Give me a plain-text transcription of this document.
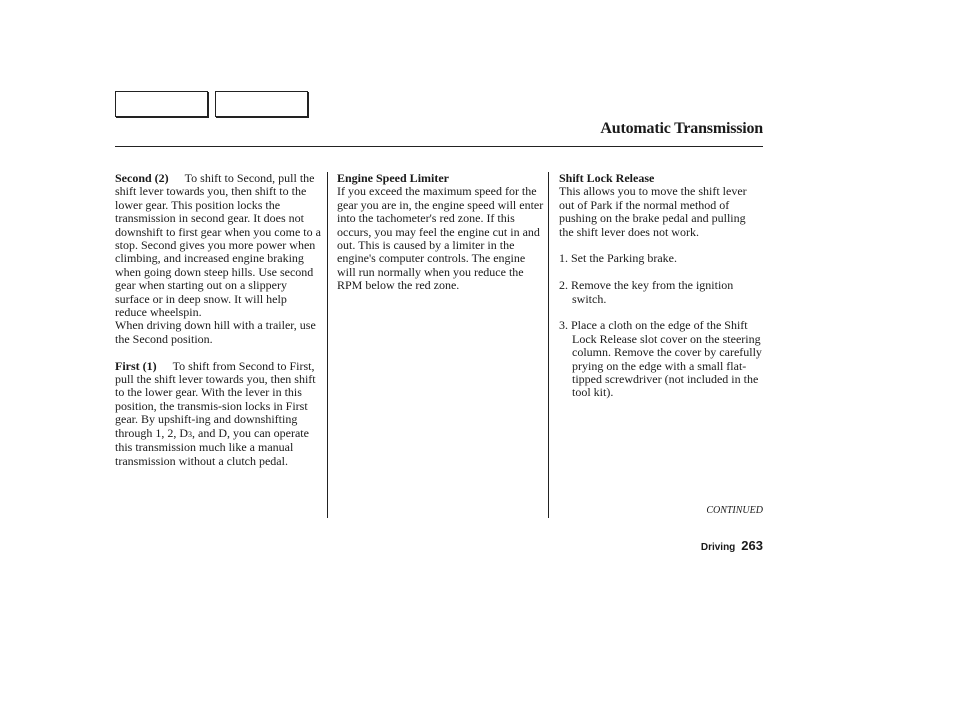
Automatic Transmission

Second (2) To shift to Second, pull the shift lever towards you, then shift to the lower gear. This position locks the transmission in second gear. It does not downshift to first gear when you come to a stop. Second gives you more power when climbing, and increased engine braking when going down steep hills. Use second gear when starting out on a slippery surface or in deep snow. It will help reduce wheelspin.

When driving down hill with a trailer, use the Second position.

First (1) To shift from Second to First, pull the shift lever towards you, then shift to the lower gear. With the lever in this position, the transmis-sion locks in First gear. By upshift-ing and downshifting through 1, 2, D3, and D, you can operate this transmission much like a manual transmission without a clutch pedal.

Engine Speed Limiter

If you exceed the maximum speed for the gear you are in, the engine speed will enter into the tachometer's red zone. If this occurs, you may feel the engine cut in and out. This is caused by a limiter in the engine's computer controls. The engine will run normally when you reduce the RPM below the red zone.

Shift Lock Release

This allows you to move the shift lever out of Park if the normal method of pushing on the brake pedal and pulling the shift lever does not work.

1. Set the Parking brake.

2. Remove the key from the ignition switch.

3. Place a cloth on the edge of the Shift Lock Release slot cover on the steering column. Remove the cover by carefully prying on the edge with a small flat-tipped screwdriver (not included in the tool kit).

CONTINUED
Driving 263
